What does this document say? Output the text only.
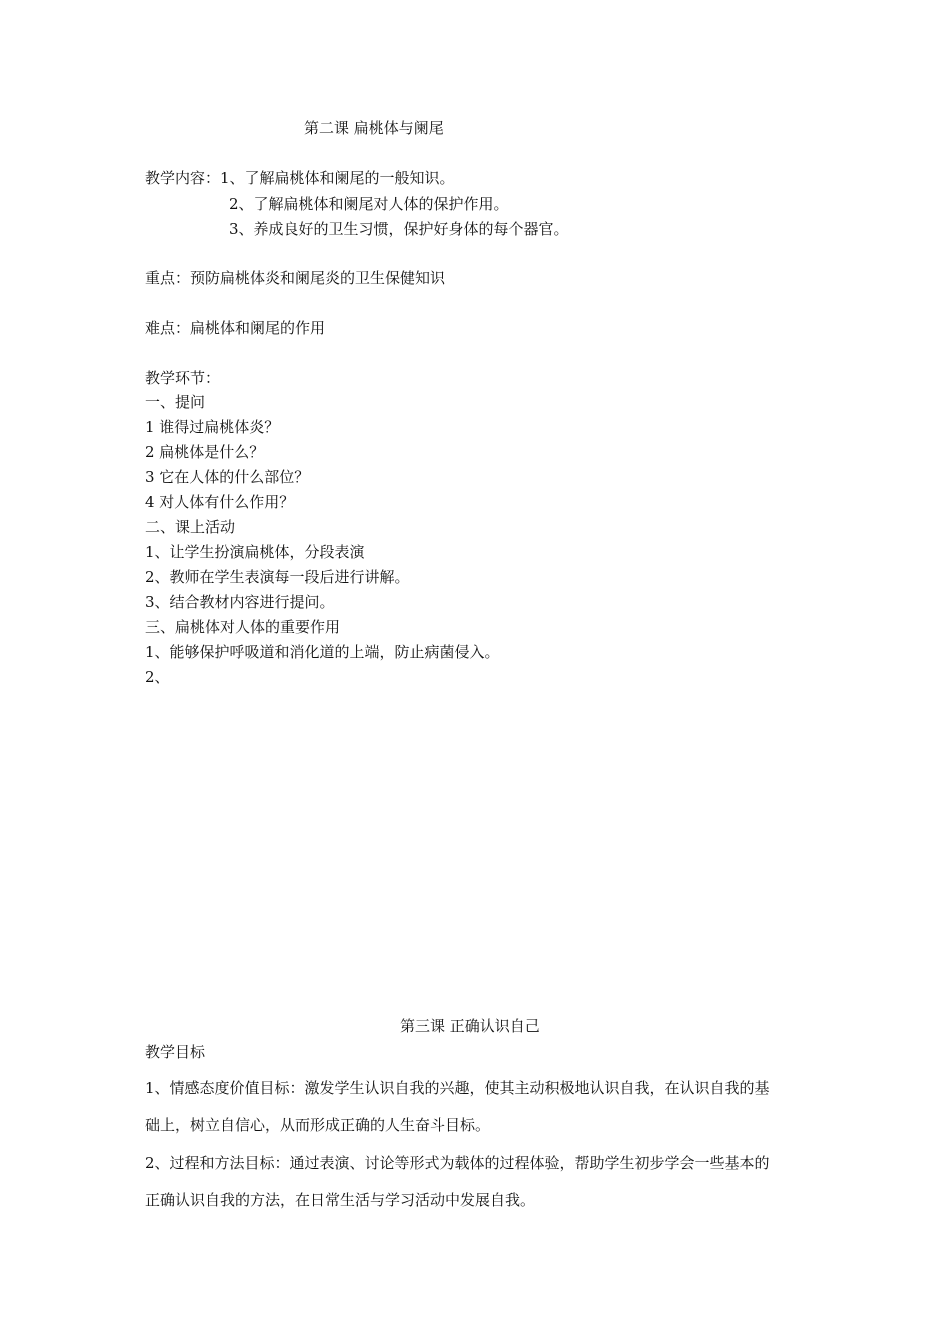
第二课 扁桃体与阑尾
教学内容：1、了解扁桃体和阑尾的一般知识。
2、了解扁桃体和阑尾对人体的保护作用。
3、养成良好的卫生习惯，保护好身体的每个器官。
重点：预防扁桃体炎和阑尾炎的卫生保健知识
难点：扁桃体和阑尾的作用
教学环节：
一、提问
1 谁得过扁桃体炎？
2 扁桃体是什么？
3 它在人体的什么部位？
4 对人体有什么作用？
二、课上活动
1、让学生扮演扁桃体，分段表演
2、教师在学生表演每一段后进行讲解。
3、结合教材内容进行提问。
三、扁桃体对人体的重要作用
1、能够保护呼吸道和消化道的上端，防止病菌侵入。
2、
第三课 正确认识自己
教学目标
1、情感态度价值目标：激发学生认识自我的兴趣，使其主动积极地认识自我，在认识自我的基
础上，树立自信心，从而形成正确的人生奋斗目标。
2、过程和方法目标：通过表演、讨论等形式为载体的过程体验，帮助学生初步学会一些基本的
正确认识自我的方法，在日常生活与学习活动中发展自我。
